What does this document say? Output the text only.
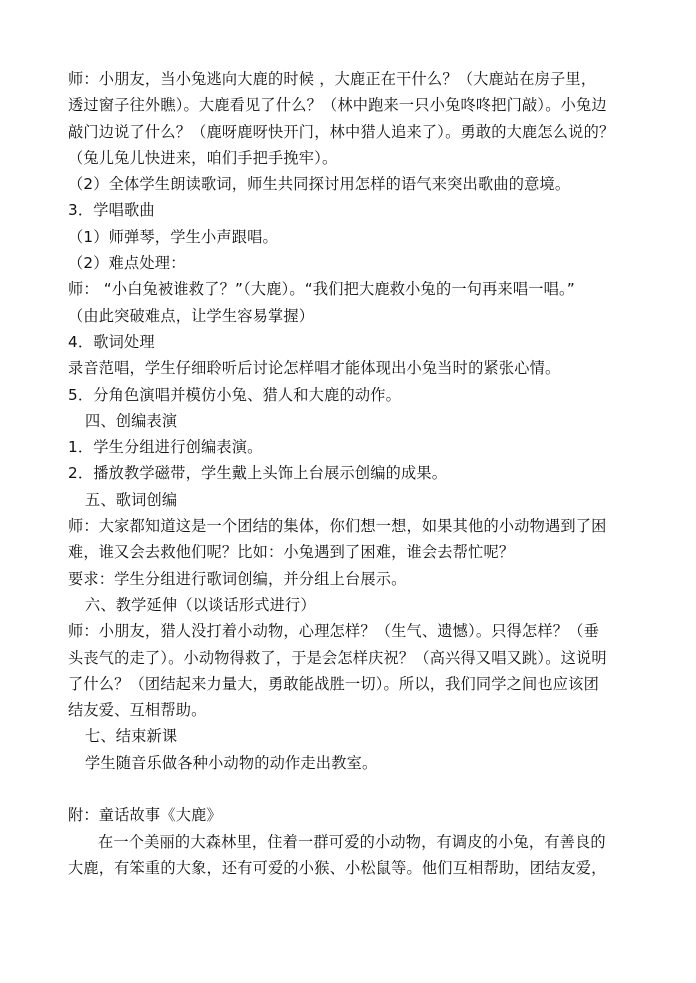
师：小朋友，当小兔逃向大鹿的时候 ，大鹿正在干什么？（大鹿站在房子里，
透过窗子往外瞧）。大鹿看见了什么？（林中跑来一只小兔咚咚把门敲）。小兔边
敲门边说了什么？（鹿呀鹿呀快开门，林中猎人追来了）。勇敢的大鹿怎么说的？
（兔儿兔儿快进来，咱们手把手挽牢）。
（2）全体学生朗读歌词，师生共同探讨用怎样的语气来突出歌曲的意境。
3．学唱歌曲
（1）师弹琴，学生小声跟唱。
（2）难点处理：
师： “小白兔被谁救了？”（大鹿）。“我们把大鹿救小兔的一句再来唱一唱。”
（由此突破难点，让学生容易掌握）
4．歌词处理
录音范唱，学生仔细聆听后讨论怎样唱才能体现出小兔当时的紧张心情。
5．分角色演唱并模仿小兔、猎人和大鹿的动作。
四、创编表演
1．学生分组进行创编表演。
2．播放教学磁带，学生戴上头饰上台展示创编的成果。
五、歌词创编
师：大家都知道这是一个团结的集体，你们想一想，如果其他的小动物遇到了困
难，谁又会去救他们呢？比如：小兔遇到了困难，谁会去帮忙呢？
要求：学生分组进行歌词创编，并分组上台展示。
六、教学延伸（以谈话形式进行）
师：小朋友，猎人没打着小动物，心理怎样？（生气、遗憾）。只得怎样？（垂
头丧气的走了）。小动物得救了，于是会怎样庆祝？（高兴得又唱又跳）。这说明
了什么？（团结起来力量大，勇敢能战胜一切）。所以，我们同学之间也应该团
结友爱、互相帮助。
七、结束新课
学生随音乐做各种小动物的动作走出教室。
附：童话故事《大鹿》
在一个美丽的大森林里，住着一群可爱的小动物，有调皮的小兔，有善良的
大鹿，有笨重的大象，还有可爱的小猴、小松鼠等。他们互相帮助，团结友爱，
